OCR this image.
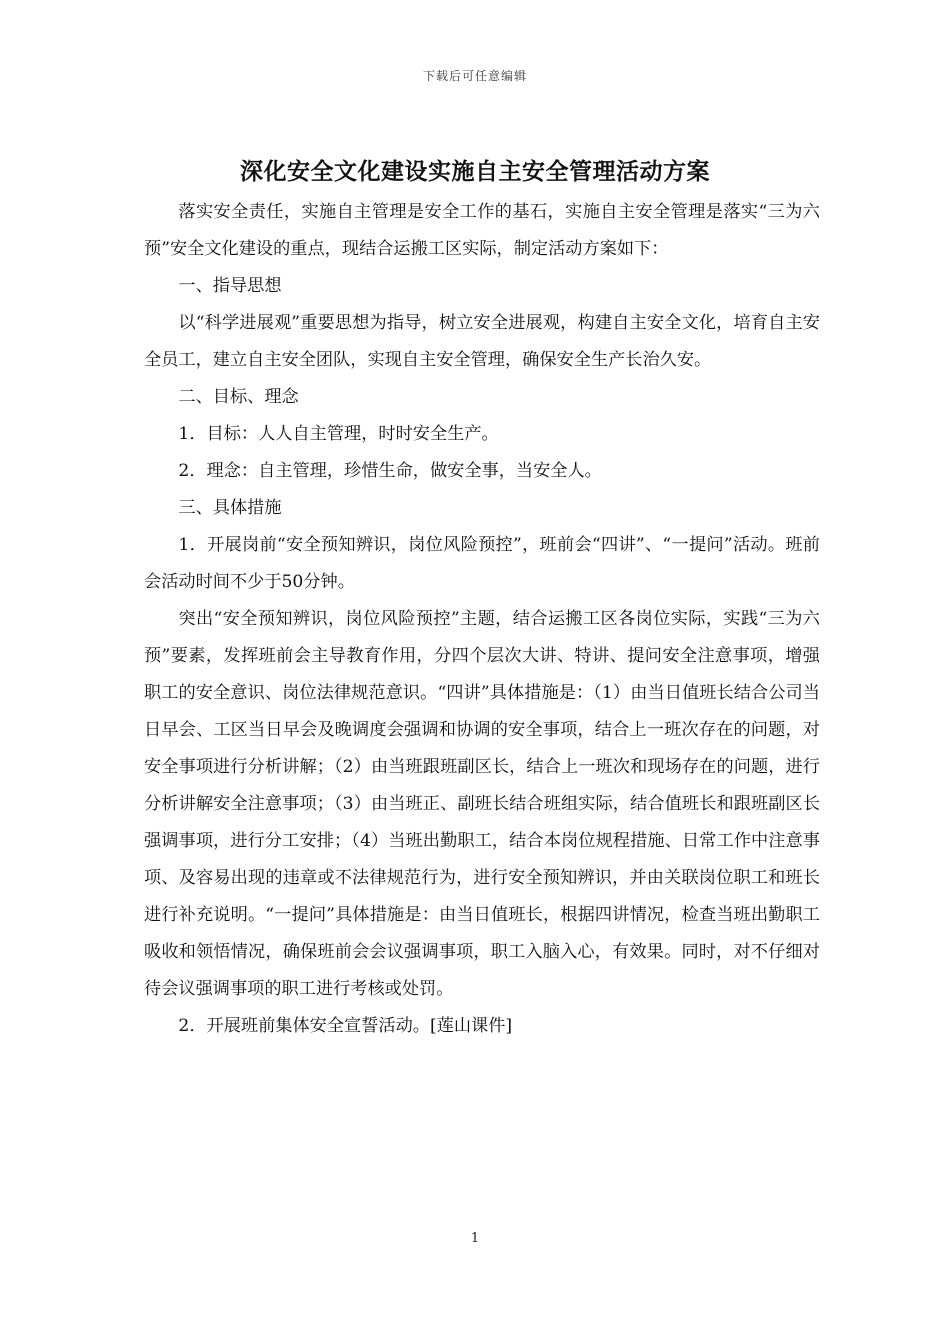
下载后可任意编辑
深化安全文化建设实施自主安全管理活动方案

落实安全责任，实施自主管理是安全工作的基石，实施自主安全管理是落实“三为六预”安全文化建设的重点，现结合运搬工区实际，制定活动方案如下：

一、指导思想

以“科学进展观”重要思想为指导，树立安全进展观，构建自主安全文化，培育自主安全员工，建立自主安全团队，实现自主安全管理，确保安全生产长治久安。

二、目标、理念

1．目标：人人自主管理，时时安全生产。

2．理念：自主管理，珍惜生命，做安全事，当安全人。

三、具体措施

1．开展岗前“安全预知辨识，岗位风险预控”，班前会“四讲”、“一提问”活动。班前会活动时间不少于50分钟。

突出“安全预知辨识，岗位风险预控”主题，结合运搬工区各岗位实际，实践“三为六预”要素，发挥班前会主导教育作用，分四个层次大讲、特讲、提问安全注意事项，增强职工的安全意识、岗位法律规范意识。“四讲”具体措施是：（1）由当日值班长结合公司当日早会、工区当日早会及晚调度会强调和协调的安全事项，结合上一班次存在的问题，对安全事项进行分析讲解；（2）由当班跟班副区长，结合上一班次和现场存在的问题，进行分析讲解安全注意事项；（3）由当班正、副班长结合班组实际，结合值班长和跟班副区长强调事项，进行分工安排；（4）当班出勤职工，结合本岗位规程措施、日常工作中注意事项、及容易出现的违章或不法律规范行为，进行安全预知辨识，并由关联岗位职工和班长进行补充说明。“一提问”具体措施是：由当日值班长，根据四讲情况，检查当班出勤职工吸收和领悟情况，确保班前会会议强调事项，职工入脑入心，有效果。同时，对不仔细对待会议强调事项的职工进行考核或处罚。

2．开展班前集体安全宣誓活动。[莲山课件]

1
